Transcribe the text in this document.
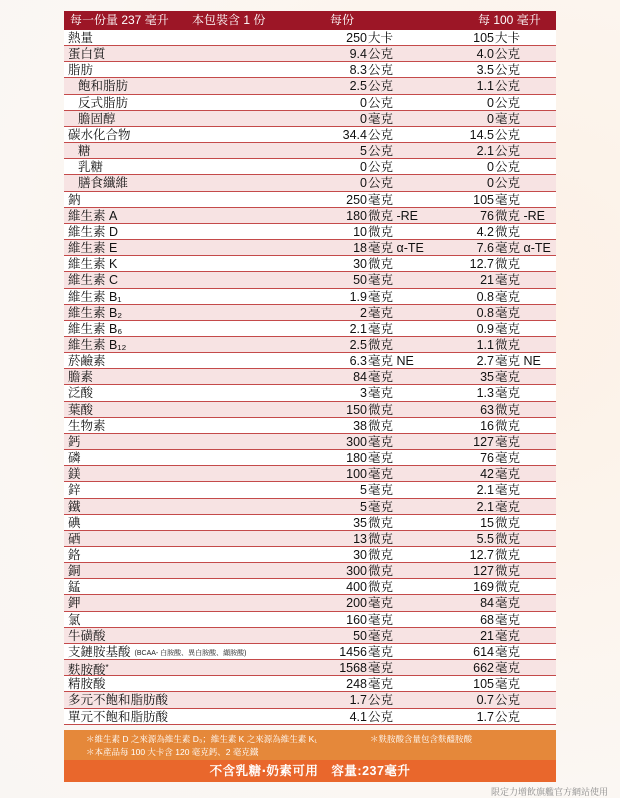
每一份量 237 毫升 本包裝含 1 份	每份	每 100 毫升
熱量	250 大卡	105 大卡
蛋白質	9.4 公克	4.0 公克
脂肪	8.3 公克	3.5 公克
飽和脂肪	2.5 公克	1.1 公克
反式脂肪	0 公克	0 公克
膽固醇	0 毫克	0 毫克
碳水化合物	34.4 公克	14.5 公克
糖	5 公克	2.1 公克
乳糖	0 公克	0 公克
膳食纖維	0 公克	0 公克
鈉	250 毫克	105 毫克
維生素 A	180 微克 -RE	76 微克 -RE
維生素 D	10 微克	4.2 微克
維生素 E	18 毫克 α-TE	7.6 毫克 α-TE
維生素 K	30 微克	12.7 微克
維生素 C	50 毫克	21 毫克
維生素 B₁	1.9 毫克	0.8 毫克
維生素 B₂	2 毫克	0.8 毫克
維生素 B₆	2.1 毫克	0.9 毫克
維生素 B₁₂	2.5 微克	1.1 微克
菸鹼素	6.3 毫克 NE	2.7 毫克 NE
膽素	84 毫克	35 毫克
泛酸	3 毫克	1.3 毫克
葉酸	150 微克	63 微克
生物素	38 微克	16 微克
鈣	300 毫克	127 毫克
磷	180 毫克	76 毫克
鎂	100 毫克	42 毫克
鋅	5 毫克	2.1 毫克
鐵	5 毫克	2.1 毫克
碘	35 微克	15 微克
硒	13 微克	5.5 微克
鉻	30 微克	12.7 微克
銅	300 微克	127 微克
錳	400 微克	169 微克
鉀	200 毫克	84 毫克
氯	160 毫克	68 毫克
牛磺酸	50 毫克	21 毫克
支鏈胺基酸 (BCAA- 白胺酸、異白胺酸、纈胺酸)	1456 毫克	614 毫克
麩胺酸*	1568 毫克	662 毫克
精胺酸	248 毫克	105 毫克
多元不飽和脂肪酸	1.7 公克	0.7 公克
單元不飽和脂肪酸	4.1 公克	1.7 公克
＊維生素 D 之來源為維生素 D₃；維生素 K 之來源為維生素 K₁	＊麩胺酸含量包含麩醯胺酸
＊本產品每 100 大卡含 120 毫克鈣、2 毫克鐵
不含乳糖‧奶素可用　容量:237毫升
限定力增飲旗艦官方網站使用
